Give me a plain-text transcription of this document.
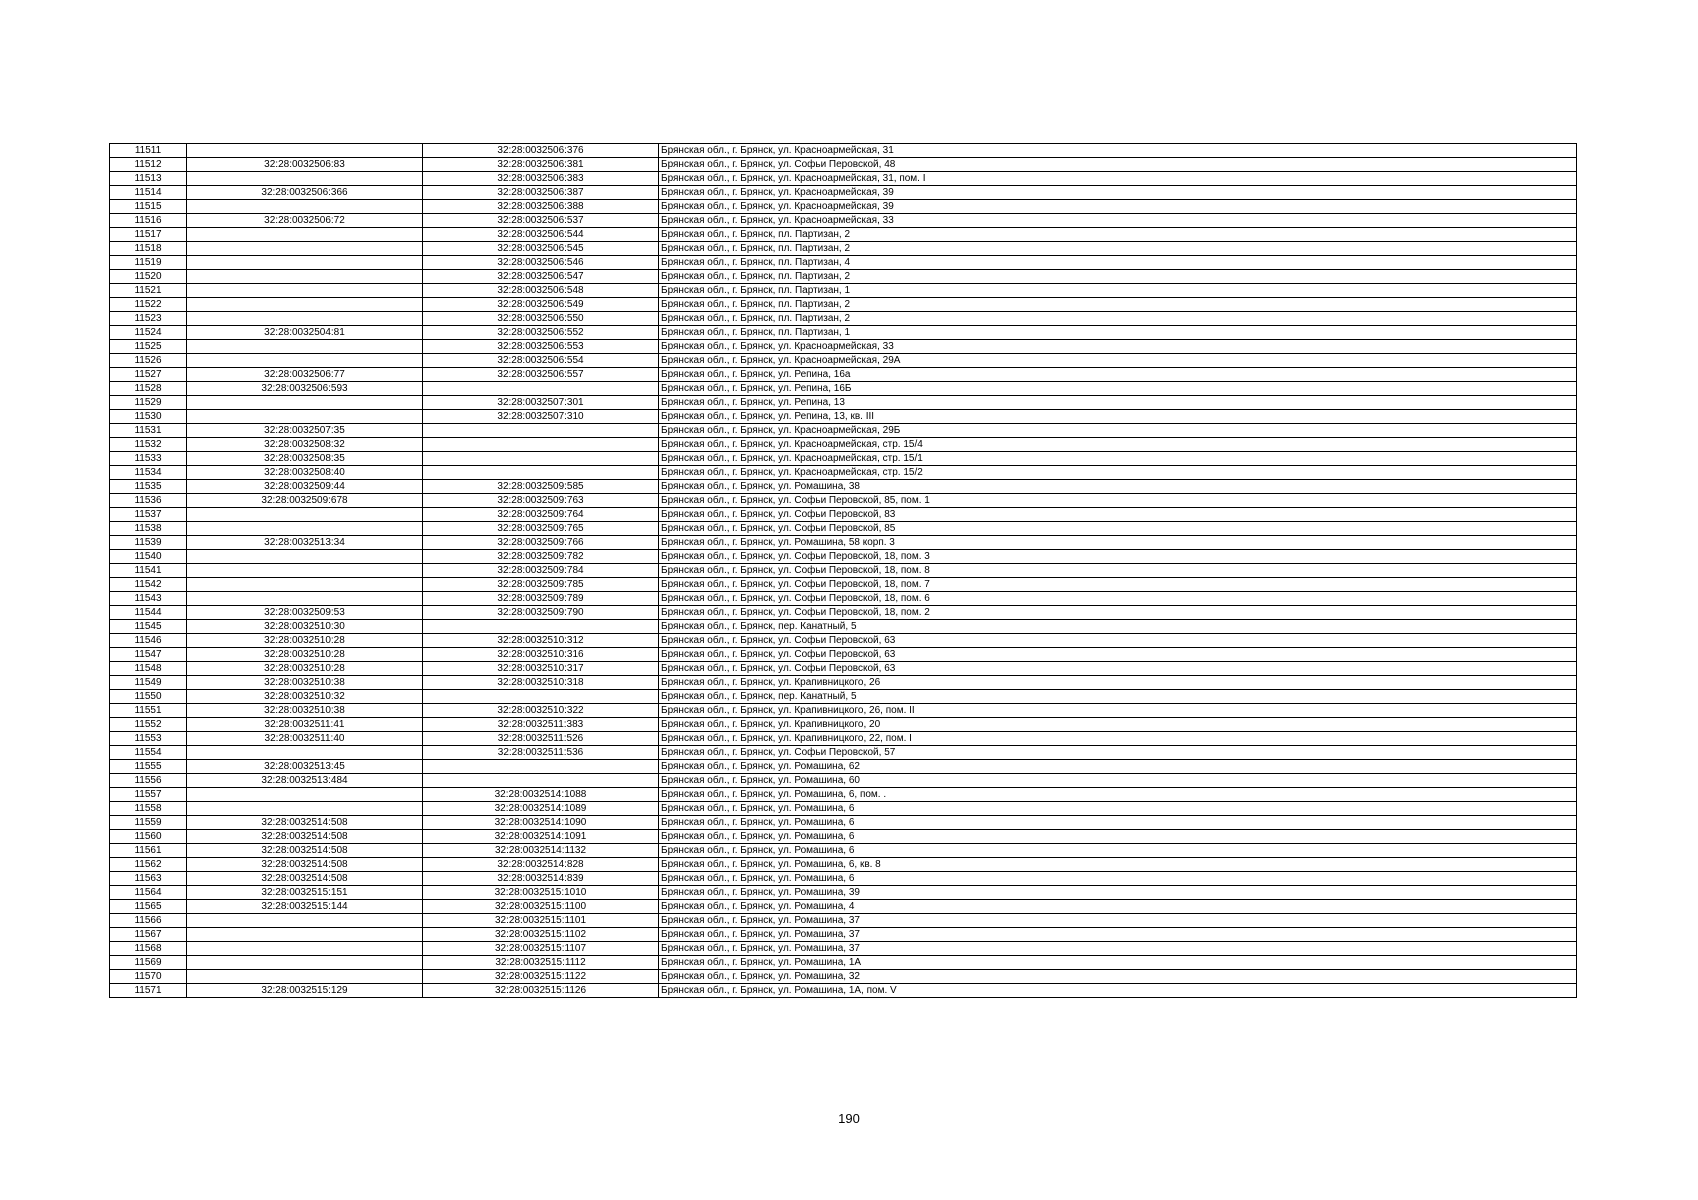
11511		32:28:0032506:376	Брянская обл., г. Брянск, ул. Красноармейская, 31
11512	32:28:0032506:83	32:28:0032506:381	Брянская обл., г. Брянск, ул. Софьи Перовской, 48
11513		32:28:0032506:383	Брянская обл., г. Брянск, ул. Красноармейская, 31, пом. I
11514	32:28:0032506:366	32:28:0032506:387	Брянская обл., г. Брянск, ул. Красноармейская, 39
11515		32:28:0032506:388	Брянская обл., г. Брянск, ул. Красноармейская, 39
11516	32:28:0032506:72	32:28:0032506:537	Брянская обл., г. Брянск, ул. Красноармейская, 33
11517		32:28:0032506:544	Брянская обл., г. Брянск, пл. Партизан, 2
11518		32:28:0032506:545	Брянская обл., г. Брянск, пл. Партизан, 2
11519		32:28:0032506:546	Брянская обл., г. Брянск, пл. Партизан, 4
11520		32:28:0032506:547	Брянская обл., г. Брянск, пл. Партизан, 2
11521		32:28:0032506:548	Брянская обл., г. Брянск, пл. Партизан, 1
11522		32:28:0032506:549	Брянская обл., г. Брянск, пл. Партизан, 2
11523		32:28:0032506:550	Брянская обл., г. Брянск, пл. Партизан, 2
11524	32:28:0032504:81	32:28:0032506:552	Брянская обл., г. Брянск, пл. Партизан, 1
11525		32:28:0032506:553	Брянская обл., г. Брянск, ул. Красноармейская, 33
11526		32:28:0032506:554	Брянская обл., г. Брянск, ул. Красноармейская, 29А
11527	32:28:0032506:77	32:28:0032506:557	Брянская обл., г. Брянск, ул. Репина, 16а
11528	32:28:0032506:593		Брянская обл., г. Брянск, ул. Репина, 16Б
11529		32:28:0032507:301	Брянская обл., г. Брянск, ул. Репина, 13
11530		32:28:0032507:310	Брянская обл., г. Брянск, ул. Репина, 13, кв. III
11531	32:28:0032507:35		Брянская обл., г. Брянск, ул. Красноармейская, 29Б
11532	32:28:0032508:32		Брянская обл., г. Брянск, ул. Красноармейская, стр. 15/4
11533	32:28:0032508:35		Брянская обл., г. Брянск, ул. Красноармейская, стр. 15/1
11534	32:28:0032508:40		Брянская обл., г. Брянск, ул. Красноармейская, стр. 15/2
11535	32:28:0032509:44	32:28:0032509:585	Брянская обл., г. Брянск, ул. Ромашина, 38
11536	32:28:0032509:678	32:28:0032509:763	Брянская обл., г. Брянск, ул. Софьи Перовской, 85, пом. 1
11537		32:28:0032509:764	Брянская обл., г. Брянск, ул. Софьи Перовской, 83
11538		32:28:0032509:765	Брянская обл., г. Брянск, ул. Софьи Перовской, 85
11539	32:28:0032513:34	32:28:0032509:766	Брянская обл., г. Брянск, ул. Ромашина, 58 корп. 3
11540		32:28:0032509:782	Брянская обл., г. Брянск, ул. Софьи Перовской, 18, пом. 3
11541		32:28:0032509:784	Брянская обл., г. Брянск, ул. Софьи Перовской, 18, пом. 8
11542		32:28:0032509:785	Брянская обл., г. Брянск, ул. Софьи Перовской, 18, пом. 7
11543		32:28:0032509:789	Брянская обл., г. Брянск, ул. Софьи Перовской, 18, пом. 6
11544	32:28:0032509:53	32:28:0032509:790	Брянская обл., г. Брянск, ул. Софьи Перовской, 18, пом. 2
11545	32:28:0032510:30		Брянская обл., г. Брянск, пер. Канатный, 5
11546	32:28:0032510:28	32:28:0032510:312	Брянская обл., г. Брянск, ул. Софьи Перовской, 63
11547	32:28:0032510:28	32:28:0032510:316	Брянская обл., г. Брянск, ул. Софьи Перовской, 63
11548	32:28:0032510:28	32:28:0032510:317	Брянская обл., г. Брянск, ул. Софьи Перовской, 63
11549	32:28:0032510:38	32:28:0032510:318	Брянская обл., г. Брянск, ул. Крапивницкого, 26
11550	32:28:0032510:32		Брянская обл., г. Брянск, пер. Канатный, 5
11551	32:28:0032510:38	32:28:0032510:322	Брянская обл., г. Брянск, ул. Крапивницкого, 26, пом. II
11552	32:28:0032511:41	32:28:0032511:383	Брянская обл., г. Брянск, ул. Крапивницкого, 20
11553	32:28:0032511:40	32:28:0032511:526	Брянская обл., г. Брянск, ул. Крапивницкого, 22, пом. I
11554		32:28:0032511:536	Брянская обл., г. Брянск, ул. Софьи Перовской, 57
11555	32:28:0032513:45		Брянская обл., г. Брянск, ул. Ромашина, 62
11556	32:28:0032513:484		Брянская обл., г. Брянск, ул. Ромашина, 60
11557		32:28:0032514:1088	Брянская обл., г. Брянск, ул. Ромашина, 6, пом. .
11558		32:28:0032514:1089	Брянская обл., г. Брянск, ул. Ромашина, 6
11559	32:28:0032514:508	32:28:0032514:1090	Брянская обл., г. Брянск, ул. Ромашина, 6
11560	32:28:0032514:508	32:28:0032514:1091	Брянская обл., г. Брянск, ул. Ромашина, 6
11561	32:28:0032514:508	32:28:0032514:1132	Брянская обл., г. Брянск, ул. Ромашина, 6
11562	32:28:0032514:508	32:28:0032514:828	Брянская обл., г. Брянск, ул. Ромашина, 6, кв. 8
11563	32:28:0032514:508	32:28:0032514:839	Брянская обл., г. Брянск, ул. Ромашина, 6
11564	32:28:0032515:151	32:28:0032515:1010	Брянская обл., г. Брянск, ул. Ромашина, 39
11565	32:28:0032515:144	32:28:0032515:1100	Брянская обл., г. Брянск, ул. Ромашина, 4
11566		32:28:0032515:1101	Брянская обл., г. Брянск, ул. Ромашина, 37
11567		32:28:0032515:1102	Брянская обл., г. Брянск, ул. Ромашина, 37
11568		32:28:0032515:1107	Брянская обл., г. Брянск, ул. Ромашина, 37
11569		32:28:0032515:1112	Брянская обл., г. Брянск, ул. Ромашина, 1А
11570		32:28:0032515:1122	Брянская обл., г. Брянск, ул. Ромашина, 32
11571	32:28:0032515:129	32:28:0032515:1126	Брянская обл., г. Брянск, ул. Ромашина, 1А, пом. V
190
